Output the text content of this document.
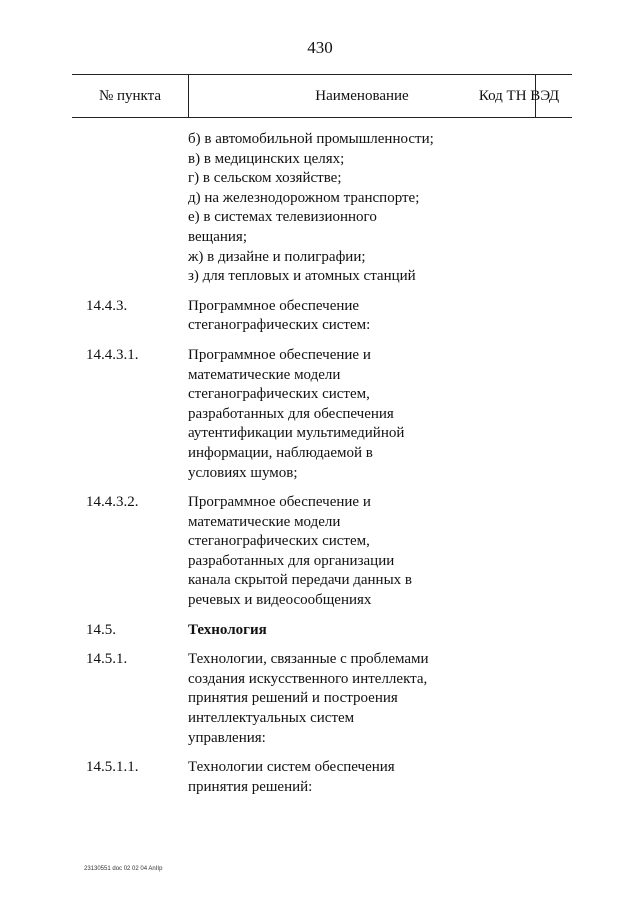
430
№ пункта	Наименование	Код ТН ВЭД
б) в автомобильной промышленности;
в) в медицинских целях;
г) в сельском хозяйстве;
д) на железнодорожном транспорте;
е) в системах телевизионного
вещания;
ж) в дизайне и полиграфии;
з) для тепловых и атомных станций
14.4.3.	Программное обеспечение
стеганографических систем:
14.4.3.1.	Программное обеспечение и
математические модели
стеганографических систем,
разработанных для обеспечения
аутентификации мультимедийной
информации, наблюдаемой в
условиях шумов;
14.4.3.2.	Программное обеспечение и
математические модели
стеганографических систем,
разработанных для организации
канала скрытой передачи данных в
речевых и видеосообщениях
14.5.	Технология
14.5.1.	Технологии, связанные с проблемами
создания искусственного интеллекта,
принятия решений и построения
интеллектуальных систем
управления:
14.5.1.1.	Технологии систем обеспечения
принятия решений:
23130551 doc 02 02 04 AnIIp
